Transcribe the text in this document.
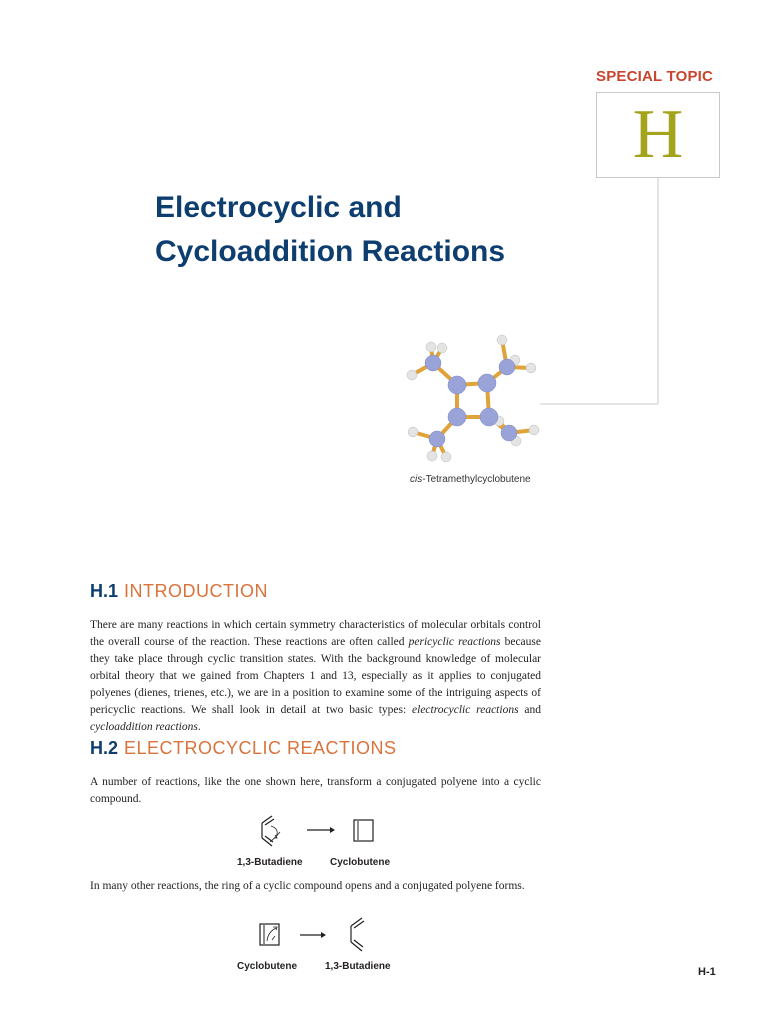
SPECIAL TOPIC
H
Electrocyclic and
Cycloaddition Reactions
cis-Tetramethylcyclobutene
H.1 INTRODUCTION

There are many reactions in which certain symmetry characteristics of molecular orbitals control the overall course of the reaction. These reactions are often called pericyclic reactions because they take place through cyclic transition states. With the background knowledge of molecular orbital theory that we gained from Chapters 1 and 13, especially as it applies to conjugated polyenes (dienes, trienes, etc.), we are in a position to examine some of the intriguing aspects of pericyclic reactions. We shall look in detail at two basic types: electrocyclic reactions and cycloaddition reactions.

H.2 ELECTROCYCLIC REACTIONS

A number of reactions, like the one shown here, transform a conjugated polyene into a cyclic compound.

1,3-Butadiene	Cyclobutene

In many other reactions, the ring of a cyclic compound opens and a conjugated polyene forms.

Cyclobutene	1,3-Butadiene	H-1
